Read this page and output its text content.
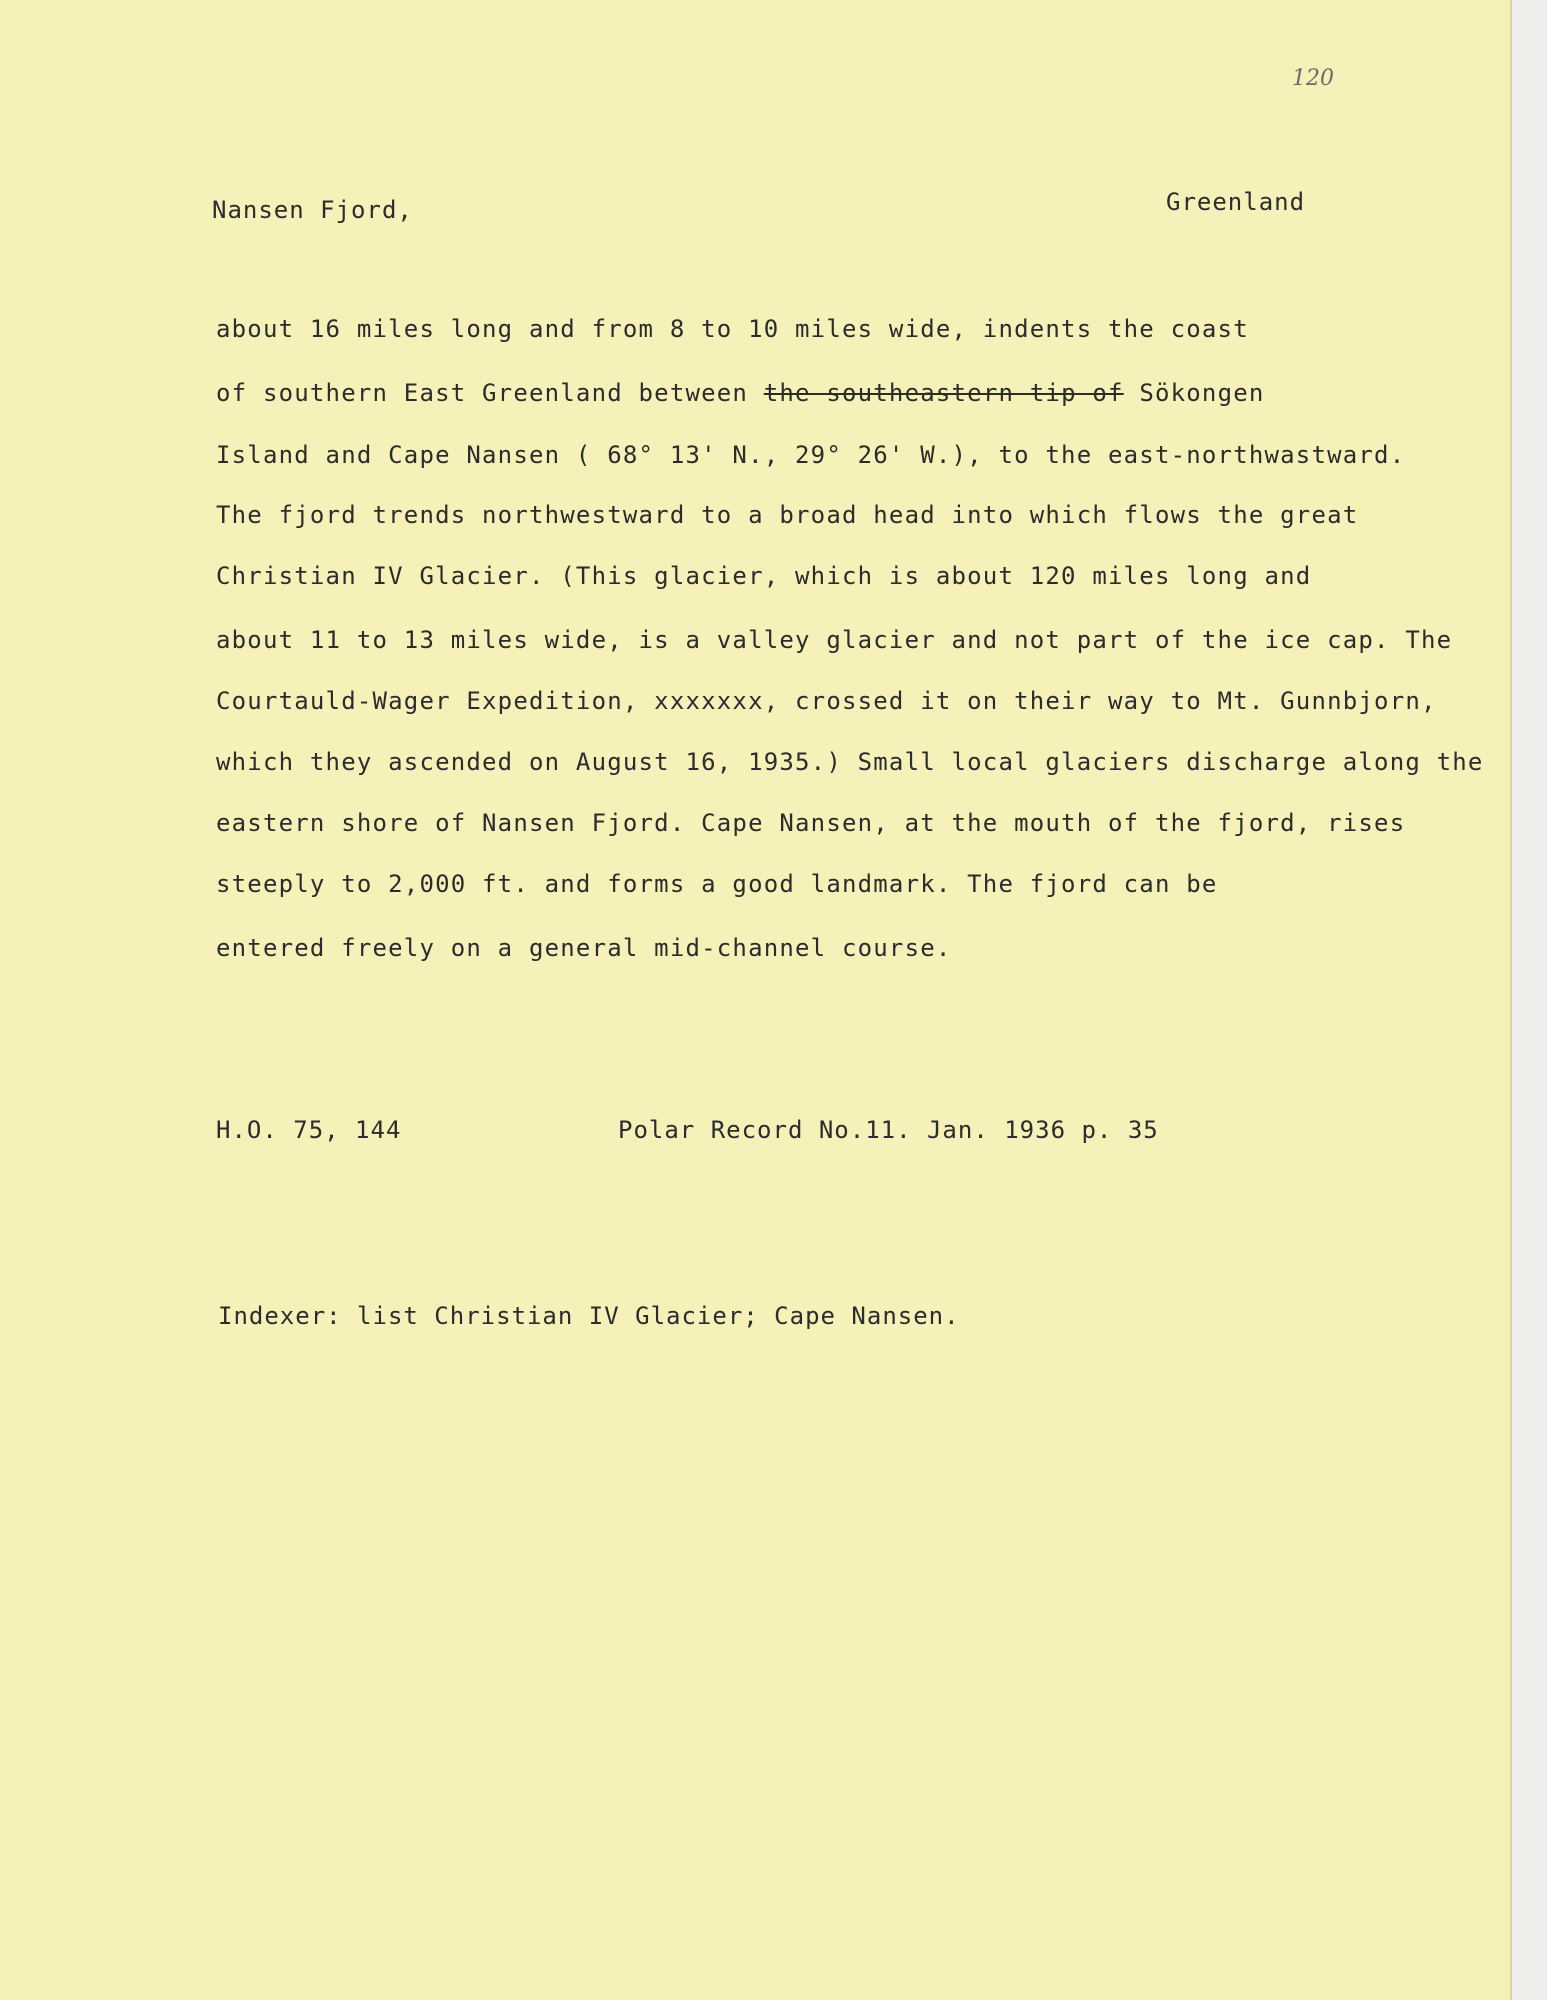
120
Nansen Fjord,	Greenland
about 16 miles long and from 8 to 10 miles wide, indents the coast
of southern East Greenland between the southeastern tip of Sökongen
Island and Cape Nansen ( 68° 13' N., 29° 26' W.), to the east-northwastward.
The fjord trends northwestward to a broad head into which flows the great
Christian IV Glacier. (This glacier, which is about 120 miles long and
about 11 to 13 miles wide, is a valley glacier and not part of the ice cap. The
Courtauld-Wager Expedition, xxxxxxx, crossed it on their way to Mt. Gunnbjorn,
which they ascended on August 16, 1935.) Small local glaciers discharge along the
eastern shore of Nansen Fjord. Cape Nansen, at the mouth of the fjord, rises
steeply to 2,000 ft. and forms a good landmark. The fjord can be
entered freely on a general mid-channel course.
H.O. 75, 144	Polar Record No.11. Jan. 1936 p. 35
Indexer: list Christian IV Glacier; Cape Nansen.
